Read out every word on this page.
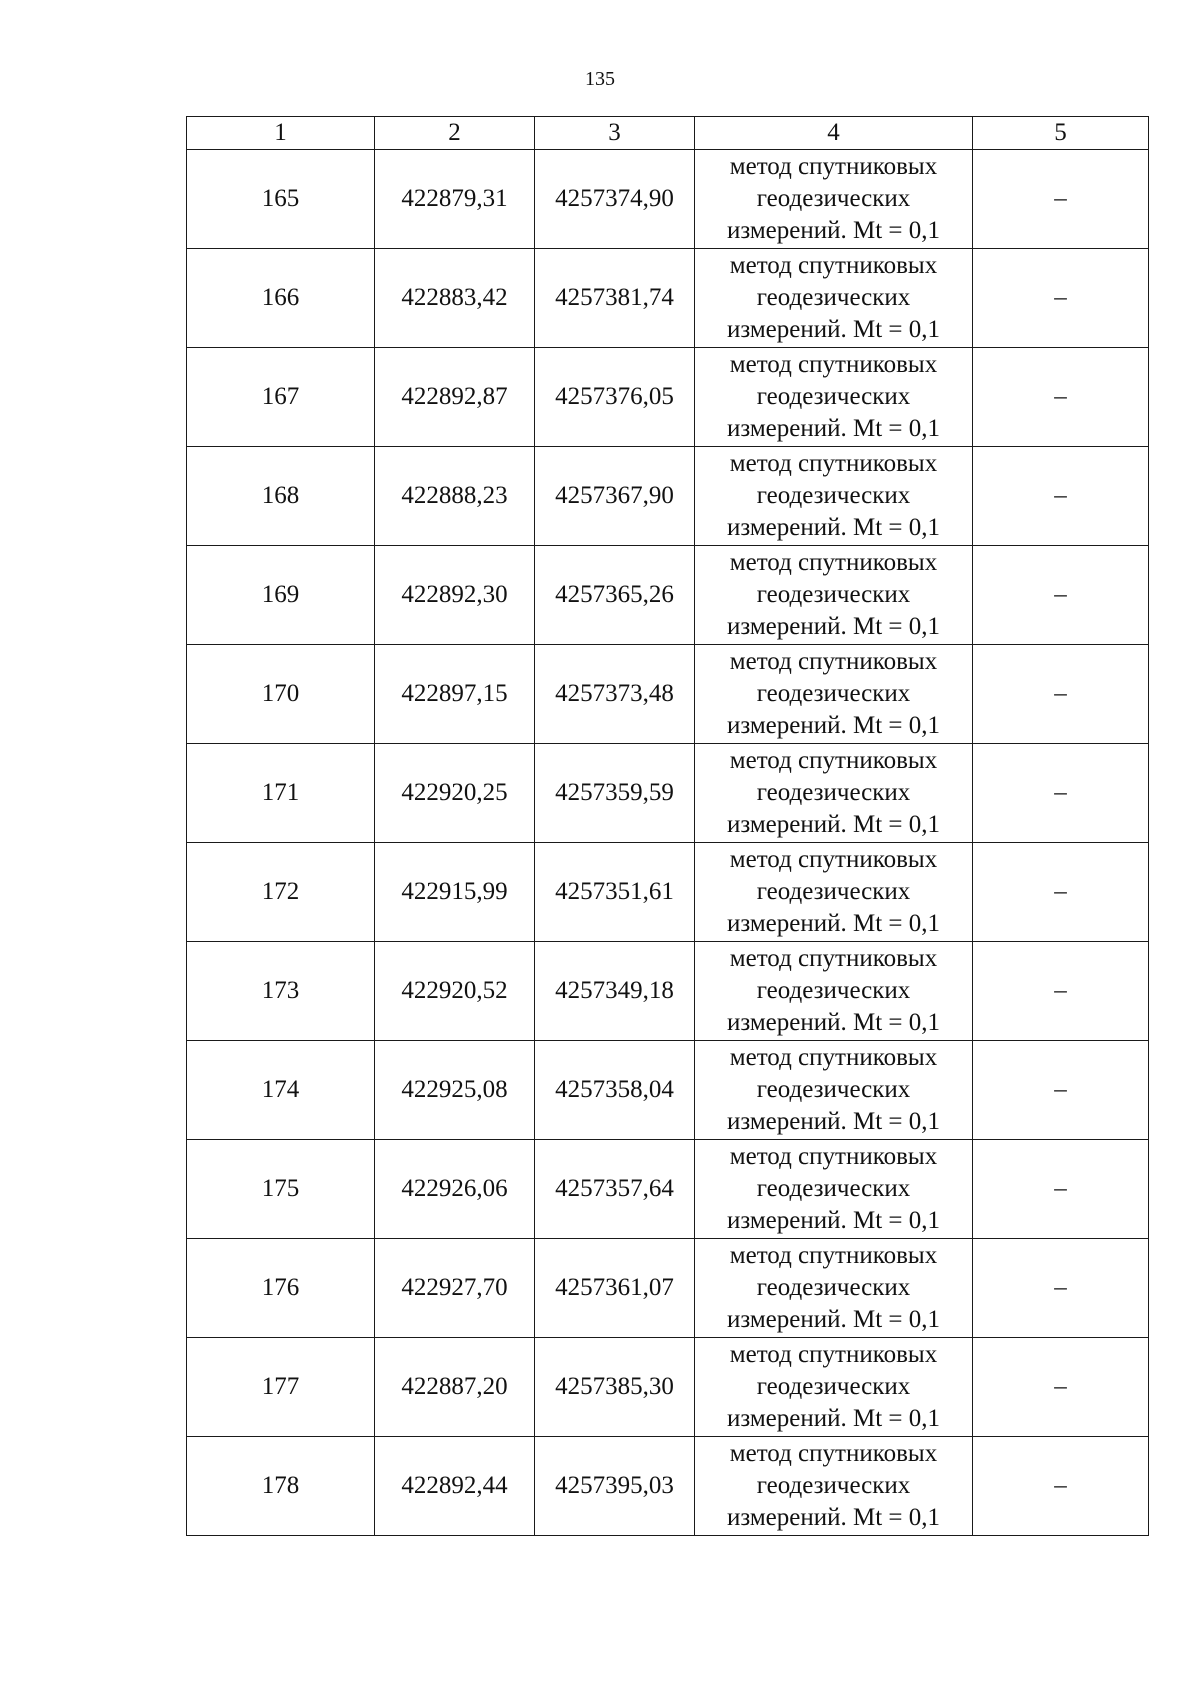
135
1	2	3	4	5
165	422879,31	4257374,90	метод спутниковых
геодезических
измерений. Mt = 0,1	–
166	422883,42	4257381,74	метод спутниковых
геодезических
измерений. Mt = 0,1	–
167	422892,87	4257376,05	метод спутниковых
геодезических
измерений. Mt = 0,1	–
168	422888,23	4257367,90	метод спутниковых
геодезических
измерений. Mt = 0,1	–
169	422892,30	4257365,26	метод спутниковых
геодезических
измерений. Mt = 0,1	–
170	422897,15	4257373,48	метод спутниковых
геодезических
измерений. Mt = 0,1	–
171	422920,25	4257359,59	метод спутниковых
геодезических
измерений. Mt = 0,1	–
172	422915,99	4257351,61	метод спутниковых
геодезических
измерений. Mt = 0,1	–
173	422920,52	4257349,18	метод спутниковых
геодезических
измерений. Mt = 0,1	–
174	422925,08	4257358,04	метод спутниковых
геодезических
измерений. Mt = 0,1	–
175	422926,06	4257357,64	метод спутниковых
геодезических
измерений. Mt = 0,1	–
176	422927,70	4257361,07	метод спутниковых
геодезических
измерений. Mt = 0,1	–
177	422887,20	4257385,30	метод спутниковых
геодезических
измерений. Mt = 0,1	–
178	422892,44	4257395,03	метод спутниковых
геодезических
измерений. Mt = 0,1	–
